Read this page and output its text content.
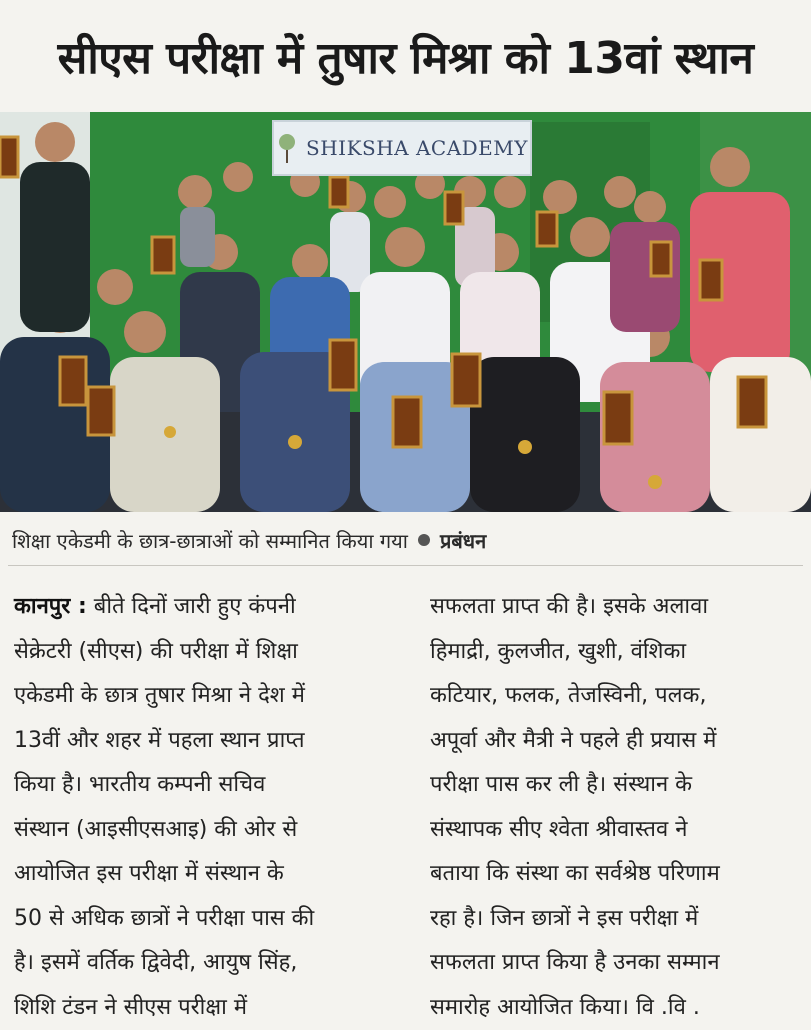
सीएस परीक्षा में तुषार मिश्रा को 13वां स्थान
SHIKSHA ACADEMY
शिक्षा एकेडमी के छात्र-छात्राओं को सम्मानित किया गया प्रबंधन
कानपुर : बीते दिनों जारी हुए कंपनी
सेक्रेटरी (सीएस) की परीक्षा में शिक्षा
एकेडमी के छात्र तुषार मिश्रा ने देश में
13वीं और शहर में पहला स्थान प्राप्त
किया है। भारतीय कम्पनी सचिव
संस्थान (आइसीएसआइ) की ओर से
आयोजित इस परीक्षा में संस्थान के
50 से अधिक छात्रों ने परीक्षा पास की
है। इसमें वर्तिक द्विवेदी, आयुष सिंह,
शिशि टंडन ने सीएस परीक्षा में
सफलता प्राप्त की है। इसके अलावा
हिमाद्री, कुलजीत, खुशी, वंशिका
कटियार, फलक, तेजस्विनी, पलक,
अपूर्वा और मैत्री ने पहले ही प्रयास में
परीक्षा पास कर ली है। संस्थान के
संस्थापक सीए श्वेता श्रीवास्तव ने
बताया कि संस्था का सर्वश्रेष्ठ परिणाम
रहा है। जिन छात्रों ने इस परीक्षा में
सफलता प्राप्त किया है उनका सम्मान
समारोह आयोजित किया। वि .वि .
